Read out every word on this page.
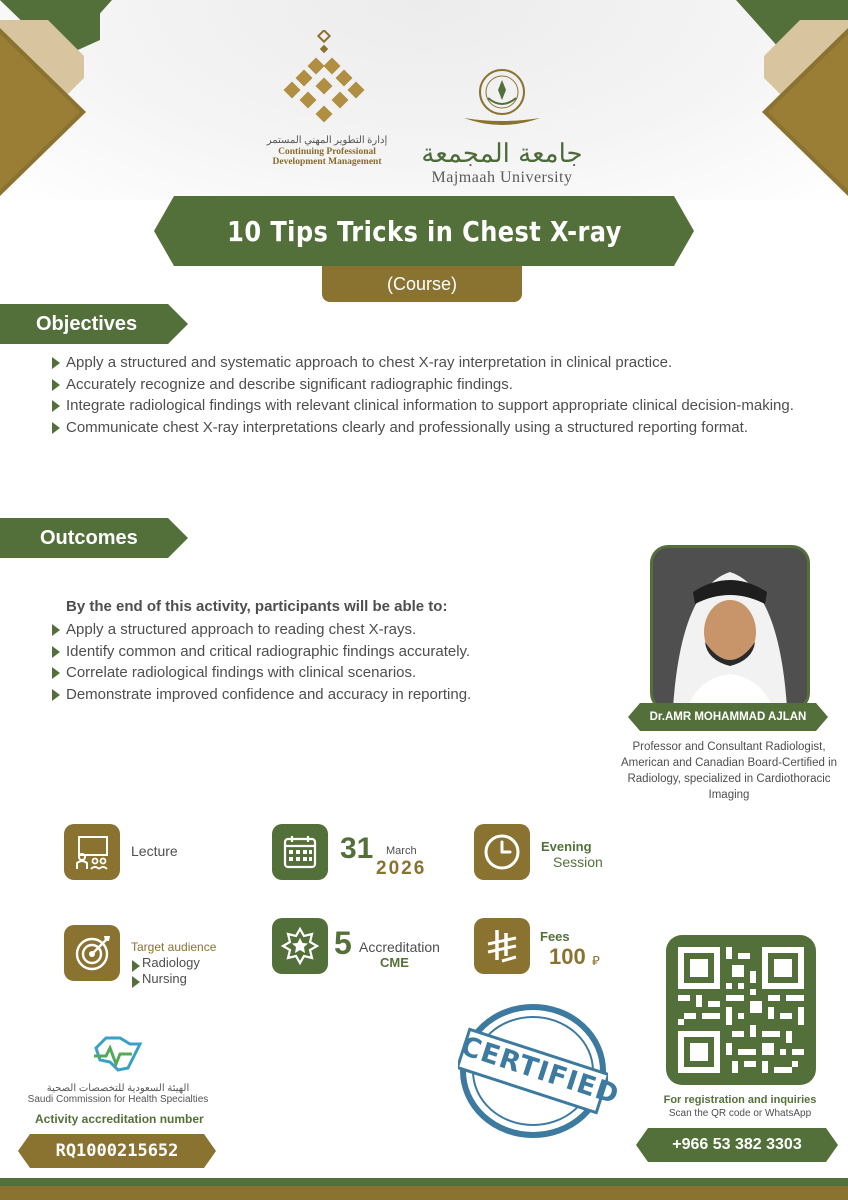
إدارة التطوير المهني المستمر
Continuing Professional
Development Management	جامعة المجمعة
Majmaah University
10 Tips Tricks in Chest X-ray
(Course)
Objectives
Apply a structured and systematic approach to chest X-ray interpretation in clinical practice.
Accurately recognize and describe significant radiographic findings.
Integrate radiological findings with relevant clinical information to support appropriate clinical decision-making.
Communicate chest X-ray interpretations clearly and professionally using a structured reporting format.
Outcomes
By the end of this activity, participants will be able to:
Apply a structured approach to reading chest X-rays.
Identify common and critical radiographic findings accurately.
Correlate radiological findings with clinical scenarios.
Demonstrate improved confidence and accuracy in reporting.
Dr.AMR MOHAMMAD AJLAN
Professor and Consultant Radiologist, American and Canadian Board-Certified in Radiology, specialized in Cardiothoracic Imaging
Lecture	31 March
2026
Evening
Session
Target audience
Radiology
Nursing
5 Accreditation
CME
Fees
100 ⃁
الهيئة السعودية للتخصصات الصحية
Saudi Commission for Health Specialties
Activity accreditation number
RQ1000215652
CERTIFIED	For registration and inquiries
Scan the QR code or WhatsApp
+966 53 382 3303
